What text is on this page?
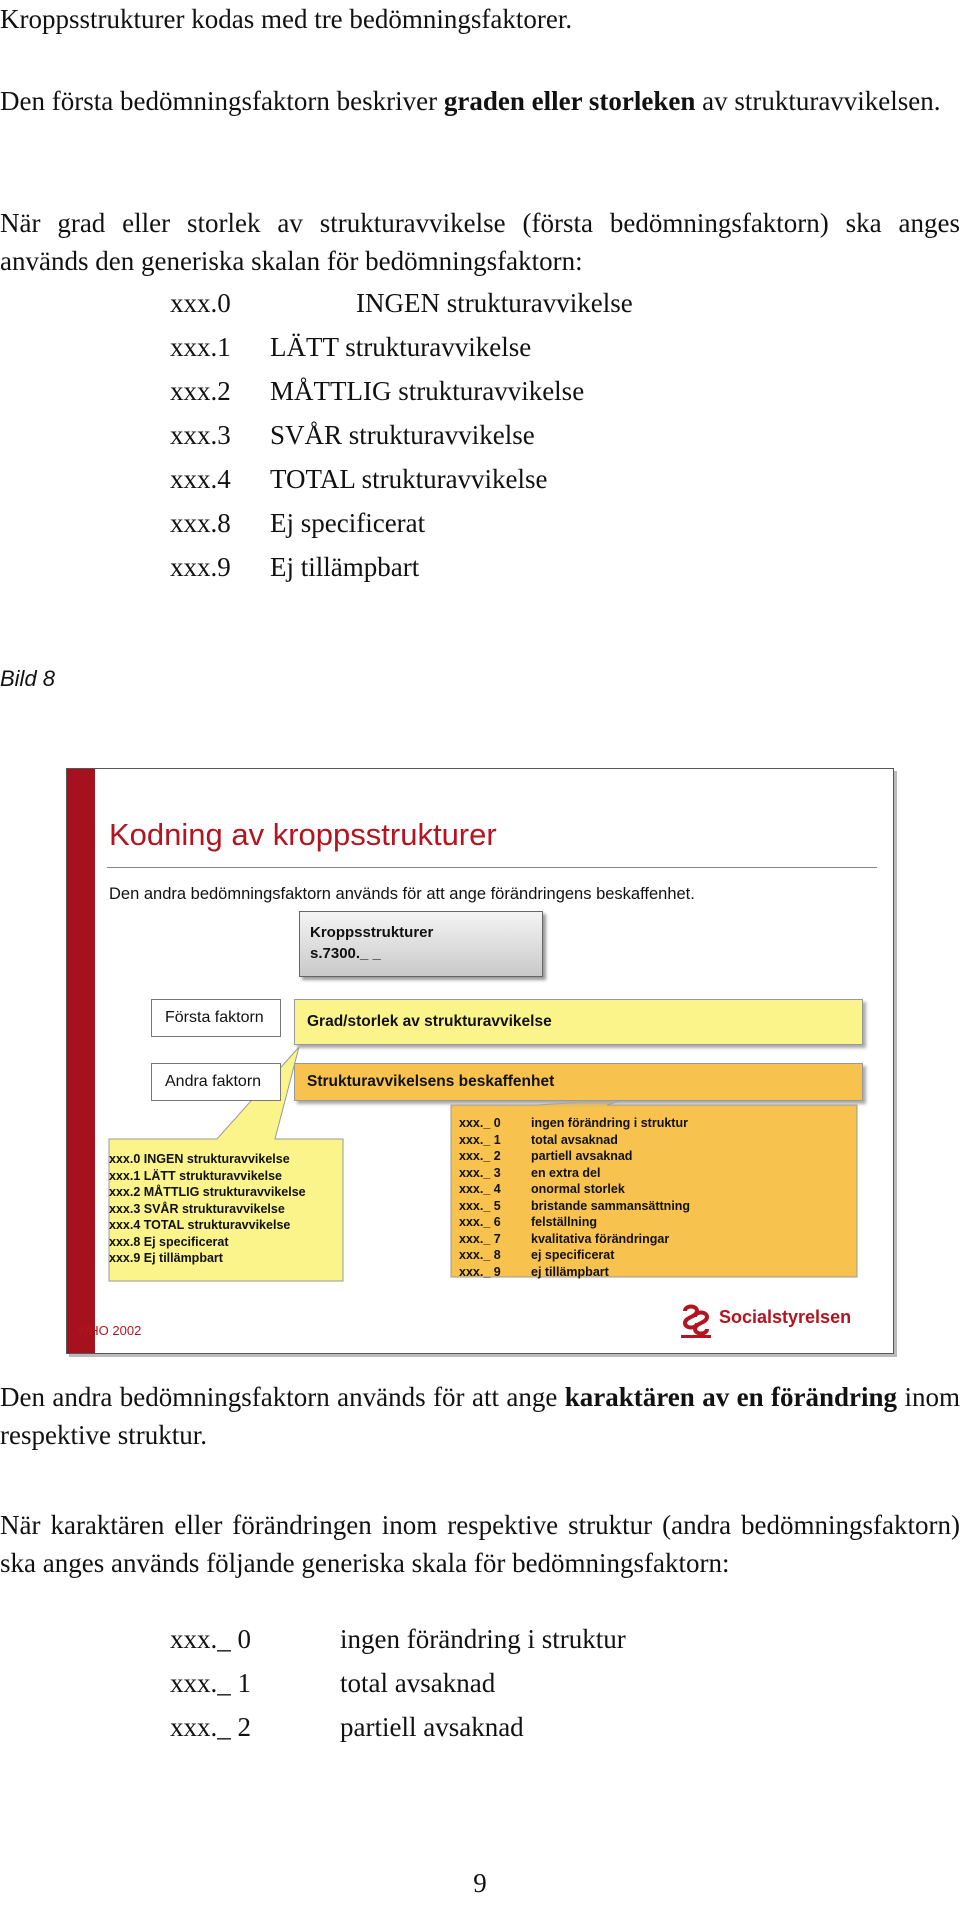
Kroppsstrukturer kodas med tre bedömningsfaktorer.

Den första bedömningsfaktorn beskriver graden eller storleken av strukturavvikelsen.

När grad eller storlek av strukturavvikelse (första bedömningsfaktorn) ska anges används den generiska skalan för bedömningsfaktorn:

xxx.0	INGEN strukturavvikelse
xxx.1 LÄTT strukturavvikelse
xxx.2 MÅTTLIG strukturavvikelse
xxx.3 SVÅR strukturavvikelse
xxx.4 TOTAL strukturavvikelse
xxx.8 Ej specificerat
xxx.9 Ej tillämpbart
Bild 8
Kodning av kroppsstrukturer
Den andra bedömningsfaktorn används för att ange förändringens beskaffenhet.
Kroppsstrukturer
s.7300._ _
Första faktorn
Andra faktorn
Grad/storlek av strukturavvikelse
Strukturavvikelsens beskaffenhet
xxx.0 INGEN strukturavvikelse
xxx.1 LÄTT strukturavvikelse
xxx.2 MÅTTLIG strukturavvikelse
xxx.3 SVÅR strukturavvikelse
xxx.4 TOTAL strukturavvikelse
xxx.8 Ej specificerat
xxx.9 Ej tillämpbart
xxx._ 0 ingen förändring i struktur
xxx._ 1 total avsaknad
xxx._ 2 partiell avsaknad
xxx._ 3 en extra del
xxx._ 4 onormal storlek
xxx._ 5 bristande sammansättning
xxx._ 6 felställning
xxx._ 7 kvalitativa förändringar
xxx._ 8 ej specificerat
xxx._ 9 ej tillämpbart
WHO 2002
Socialstyrelsen

Den andra bedömningsfaktorn används för att ange karaktären av en förändring inom respektive struktur.

När karaktären eller förändringen inom respektive struktur (andra bedömningsfaktorn) ska anges används följande generiska skala för bedömningsfaktorn:

xxx._ 0	ingen förändring i struktur
xxx._ 1	total avsaknad
xxx._ 2	partiell avsaknad
9
